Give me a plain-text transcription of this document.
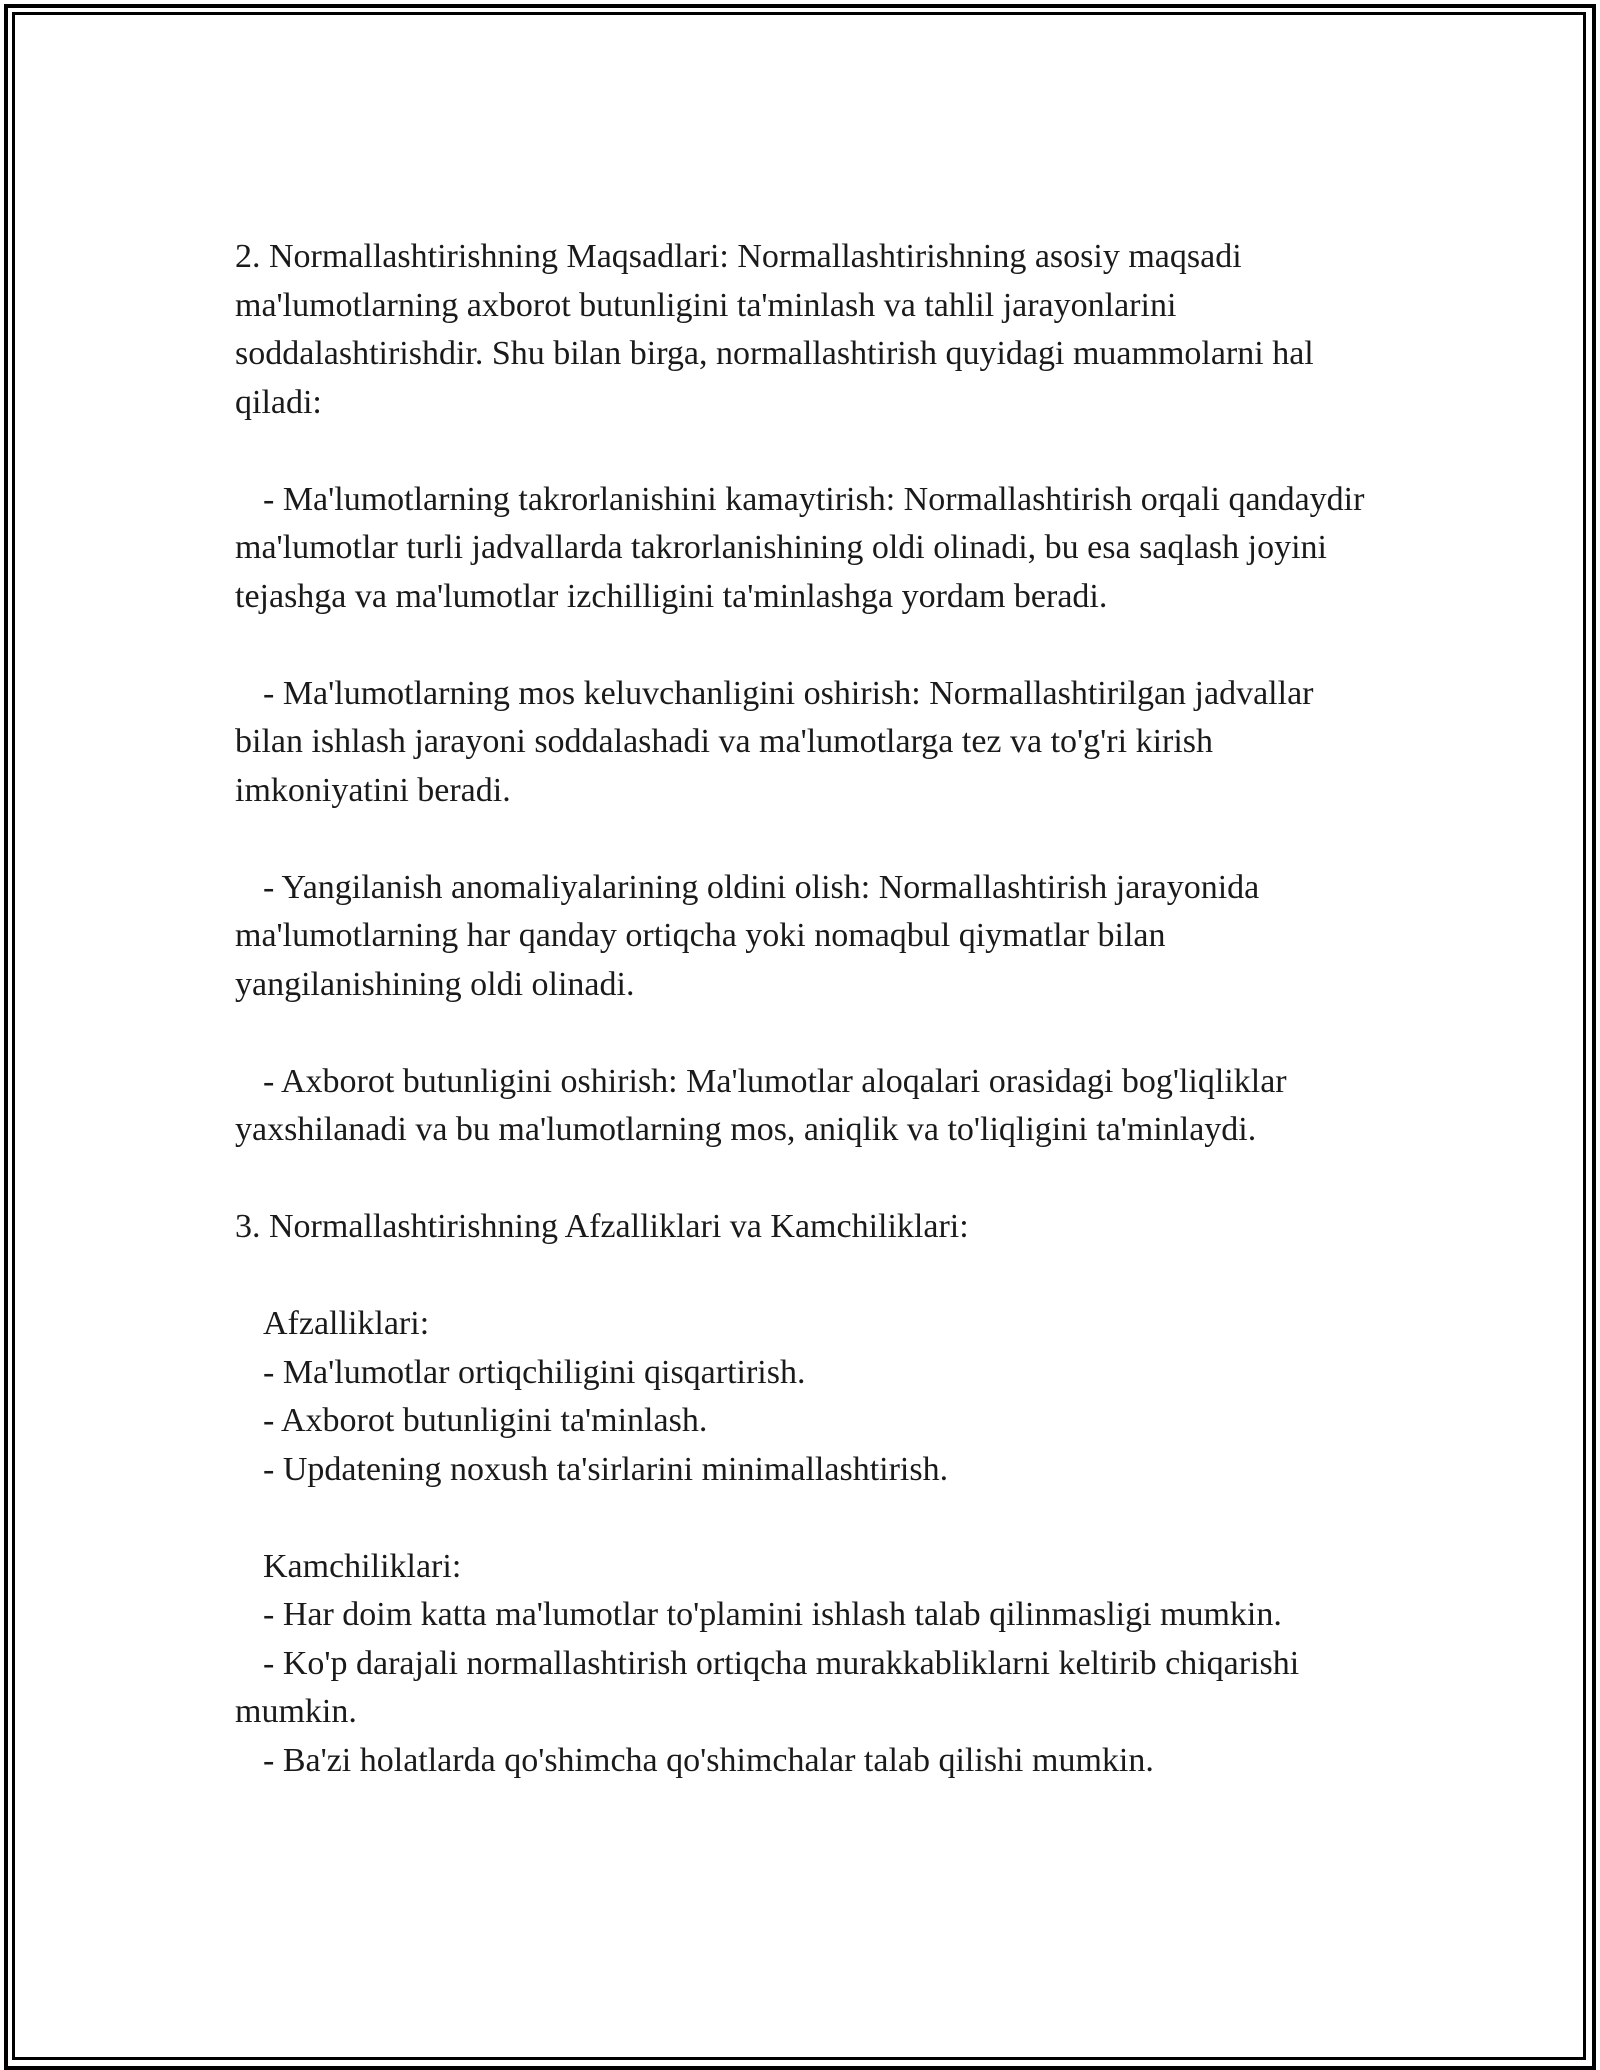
2. Normallashtirishning Maqsadlari: Normallashtirishning asosiy maqsadi ma'lumotlarning axborot butunligini ta'minlash va tahlil jarayonlarini soddalashtirishdir. Shu bilan birga, normallashtirish quyidagi muammolarni hal qiladi:

- Ma'lumotlarning takrorlanishini kamaytirish: Normallashtirish orqali qandaydir ma'lumotlar turli jadvallarda takrorlanishining oldi olinadi, bu esa saqlash joyini tejashga va ma'lumotlar izchilligini ta'minlashga yordam beradi.

- Ma'lumotlarning mos keluvchanligini oshirish: Normallashtirilgan jadvallar bilan ishlash jarayoni soddalashadi va ma'lumotlarga tez va to'g'ri kirish imkoniyatini beradi.

- Yangilanish anomaliyalarining oldini olish: Normallashtirish jarayonida ma'lumotlarning har qanday ortiqcha yoki nomaqbul qiymatlar bilan yangilanishining oldi olinadi.

- Axborot butunligini oshirish: Ma'lumotlar aloqalari orasidagi bog'liqliklar yaxshilanadi va bu ma'lumotlarning mos, aniqlik va to'liqligini ta'minlaydi.

3. Normallashtirishning Afzalliklari va Kamchiliklari:

Afzalliklari:
- Ma'lumotlar ortiqchiligini qisqartirish.
- Axborot butunligini ta'minlash.
- Updatening noxush ta'sirlarini minimallashtirish.
Kamchiliklari:
- Har doim katta ma'lumotlar to'plamini ishlash talab qilinmasligi mumkin.
- Ko'p darajali normallashtirish ortiqcha murakkabliklarni keltirib chiqarishi mumkin.
- Ba'zi holatlarda qo'shimcha qo'shimchalar talab qilishi mumkin.
